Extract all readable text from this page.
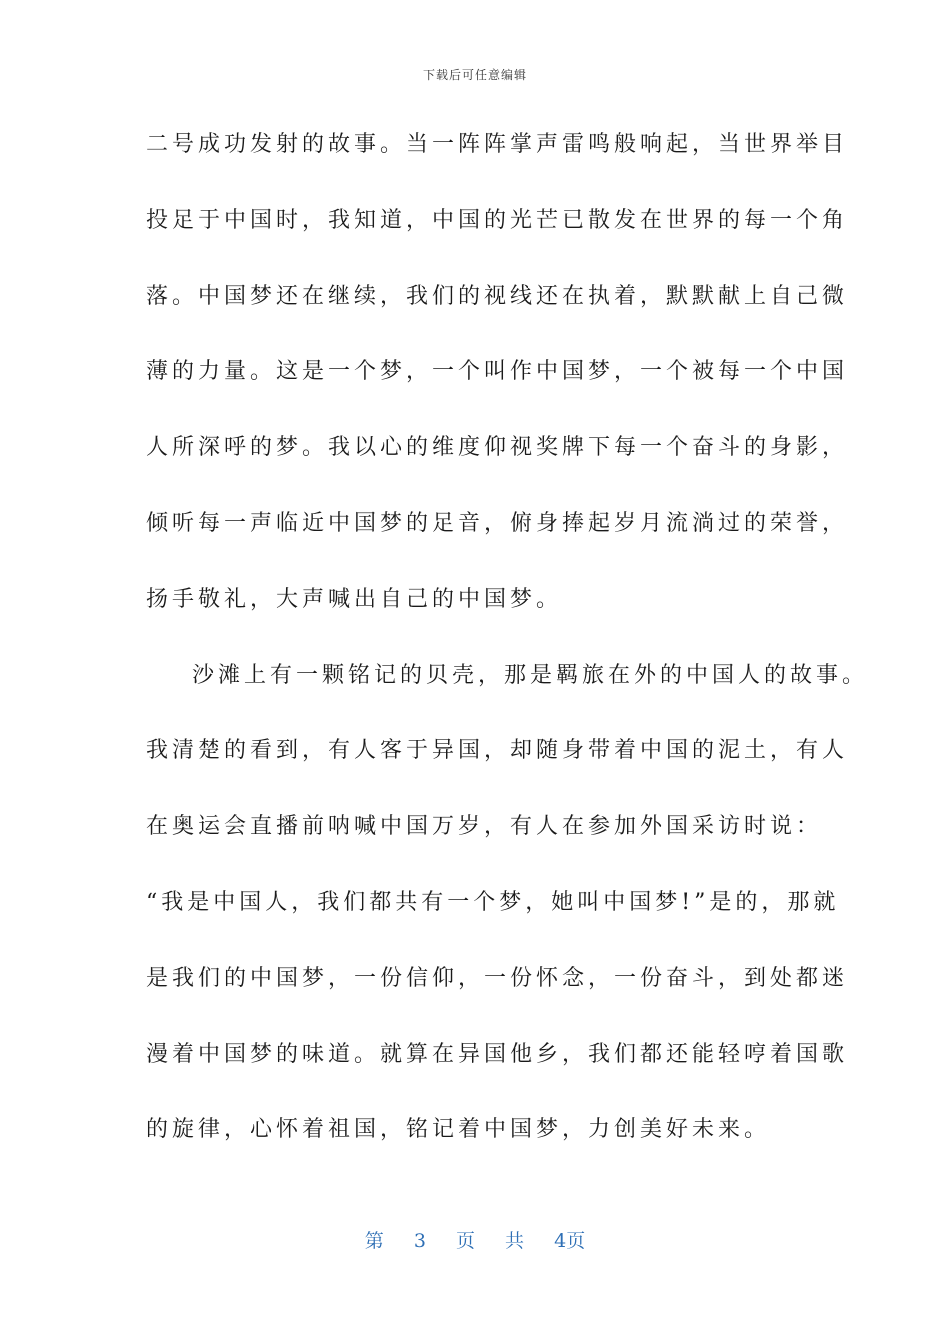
下载后可任意编辑
二号成功发射的故事。当一阵阵掌声雷鸣般响起，当世界举目
投足于中国时，我知道，中国的光芒已散发在世界的每一个角
落。中国梦还在继续，我们的视线还在执着，默默献上自己微
薄的力量。这是一个梦，一个叫作中国梦，一个被每一个中国
人所深呼的梦。我以心的维度仰视奖牌下每一个奋斗的身影，
倾听每一声临近中国梦的足音，俯身捧起岁月流淌过的荣誉，
扬手敬礼，大声喊出自己的中国梦。
沙滩上有一颗铭记的贝壳，那是羁旅在外的中国人的故事。
我清楚的看到，有人客于异国，却随身带着中国的泥土，有人
在奥运会直播前呐喊中国万岁，有人在参加外国采访时说：
“我是中国人，我们都共有一个梦，她叫中国梦!”是的，那就
是我们的中国梦，一份信仰，一份怀念，一份奋斗，到处都迷
漫着中国梦的味道。就算在异国他乡，我们都还能轻哼着国歌
的旋律，心怀着祖国，铭记着中国梦，力创美好未来。
第 3 页 共 4页
